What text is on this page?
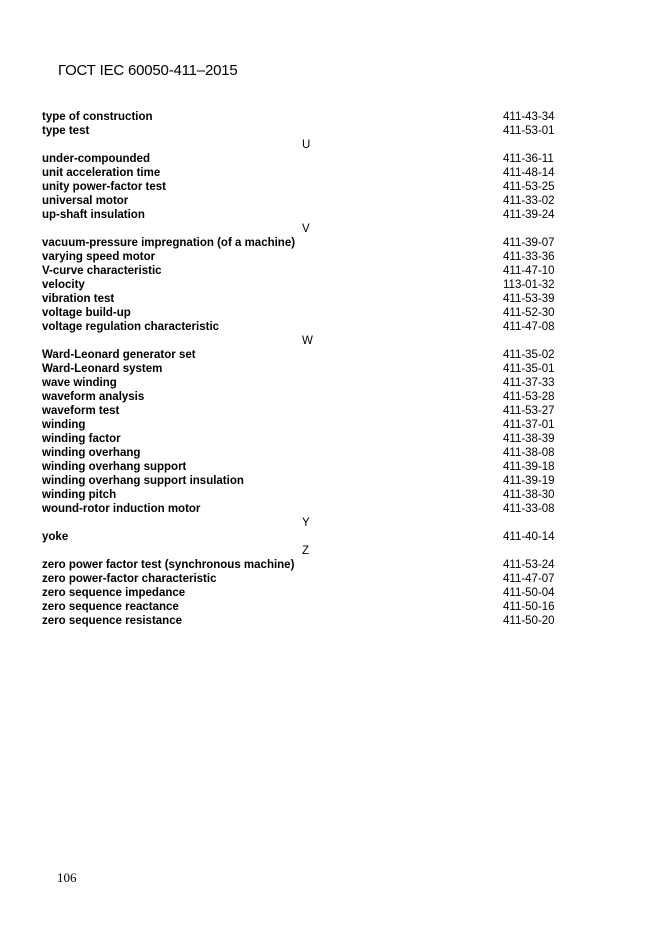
ГОСТ IEC 60050-411–2015
type of construction	411-43-34
type test	411-53-01
U
under-compounded	411-36-11
unit acceleration time	411-48-14
unity power-factor test	411-53-25
universal motor	411-33-02
up-shaft insulation	411-39-24
V
vacuum-pressure impregnation (of a machine)	411-39-07
varying speed motor	411-33-36
V-curve characteristic	411-47-10
velocity	113-01-32
vibration test	411-53-39
voltage build-up	411-52-30
voltage regulation characteristic	411-47-08
W
Ward-Leonard generator set	411-35-02
Ward-Leonard system	411-35-01
wave winding	411-37-33
waveform analysis	411-53-28
waveform test	411-53-27
winding	411-37-01
winding factor	411-38-39
winding overhang	411-38-08
winding overhang support	411-39-18
winding overhang support insulation	411-39-19
winding pitch	411-38-30
wound-rotor induction motor	411-33-08
Y
yoke	411-40-14
Z
zero power factor test (synchronous machine)	411-53-24
zero power-factor characteristic	411-47-07
zero sequence impedance	411-50-04
zero sequence reactance	411-50-16
zero sequence resistance	411-50-20
106
